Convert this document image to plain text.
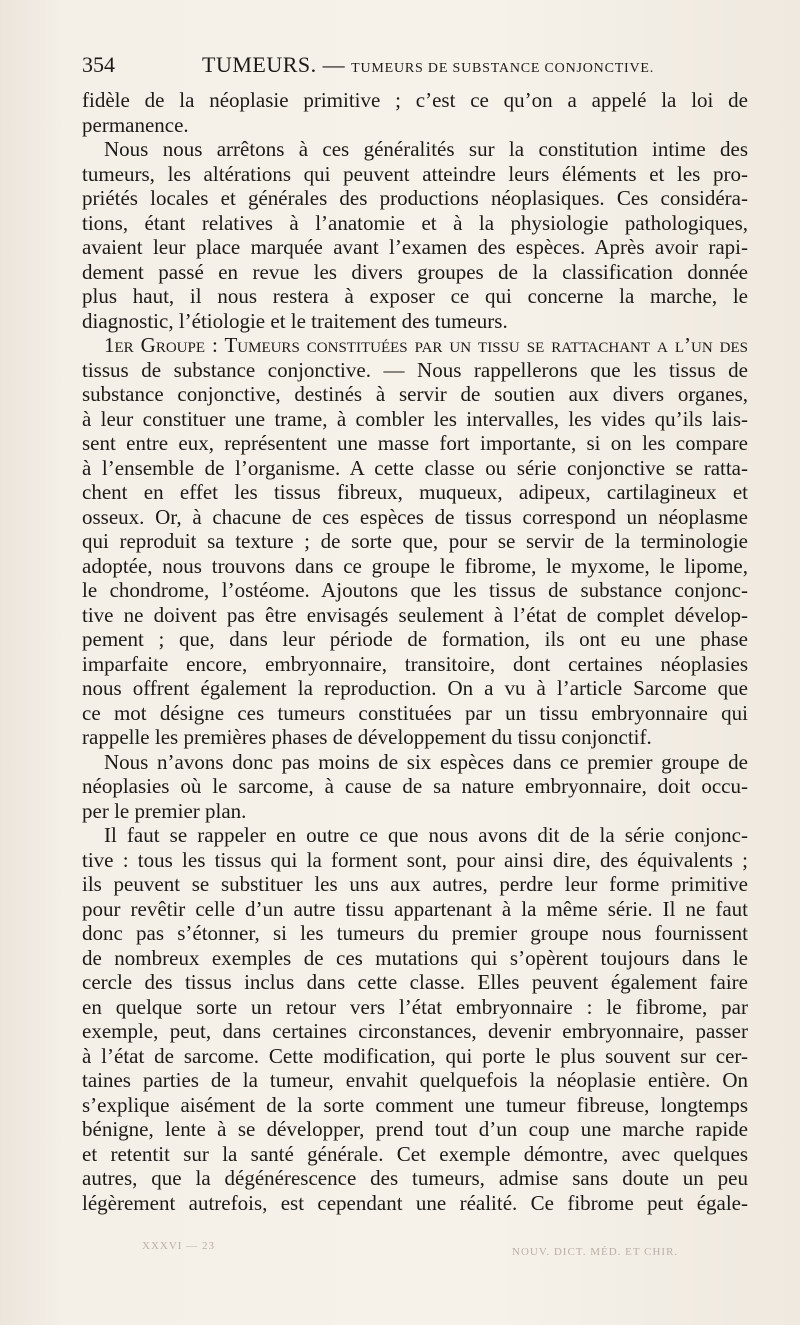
354	TUMEURS. — TUMEURS DE SUBSTANCE CONJONCTIVE.
fidèle de la néoplasie primitive ; c’est ce qu’on a appelé la loi de
permanence.
Nous nous arrêtons à ces généralités sur la constitution intime des
tumeurs, les altérations qui peuvent atteindre leurs éléments et les pro-
priétés locales et générales des productions néoplasiques. Ces considéra-
tions, étant relatives à l’anatomie et à la physiologie pathologiques,
avaient leur place marquée avant l’examen des espèces. Après avoir rapi-
dement passé en revue les divers groupes de la classification donnée
plus haut, il nous restera à exposer ce qui concerne la marche, le
diagnostic, l’étiologie et le traitement des tumeurs.
1er Groupe : Tumeurs constituées par un tissu se rattachant a l’un des
tissus de substance conjonctive. — Nous rappellerons que les tissus de
substance conjonctive, destinés à servir de soutien aux divers organes,
à leur constituer une trame, à combler les intervalles, les vides qu’ils lais-
sent entre eux, représentent une masse fort importante, si on les compare
à l’ensemble de l’organisme. A cette classe ou série conjonctive se ratta-
chent en effet les tissus fibreux, muqueux, adipeux, cartilagineux et
osseux. Or, à chacune de ces espèces de tissus correspond un néoplasme
qui reproduit sa texture ; de sorte que, pour se servir de la terminologie
adoptée, nous trouvons dans ce groupe le fibrome, le myxome, le lipome,
le chondrome, l’ostéome. Ajoutons que les tissus de substance conjonc-
tive ne doivent pas être envisagés seulement à l’état de complet dévelop-
pement ; que, dans leur période de formation, ils ont eu une phase
imparfaite encore, embryonnaire, transitoire, dont certaines néoplasies
nous offrent également la reproduction. On a vu à l’article Sarcome que
ce mot désigne ces tumeurs constituées par un tissu embryonnaire qui
rappelle les premières phases de développement du tissu conjonctif.
Nous n’avons donc pas moins de six espèces dans ce premier groupe de
néoplasies où le sarcome, à cause de sa nature embryonnaire, doit occu-
per le premier plan.
Il faut se rappeler en outre ce que nous avons dit de la série conjonc-
tive : tous les tissus qui la forment sont, pour ainsi dire, des équivalents ;
ils peuvent se substituer les uns aux autres, perdre leur forme primitive
pour revêtir celle d’un autre tissu appartenant à la même série. Il ne faut
donc pas s’étonner, si les tumeurs du premier groupe nous fournissent
de nombreux exemples de ces mutations qui s’opèrent toujours dans le
cercle des tissus inclus dans cette classe. Elles peuvent également faire
en quelque sorte un retour vers l’état embryonnaire : le fibrome, par
exemple, peut, dans certaines circonstances, devenir embryonnaire, passer
à l’état de sarcome. Cette modification, qui porte le plus souvent sur cer-
taines parties de la tumeur, envahit quelquefois la néoplasie entière. On
s’explique aisément de la sorte comment une tumeur fibreuse, longtemps
bénigne, lente à se développer, prend tout d’un coup une marche rapide
et retentit sur la santé générale. Cet exemple démontre, avec quelques
autres, que la dégénérescence des tumeurs, admise sans doute un peu
légèrement autrefois, est cependant une réalité. Ce fibrome peut égale-
XXXVI — 23	NOUV. DICT. MÉD. ET CHIR.
